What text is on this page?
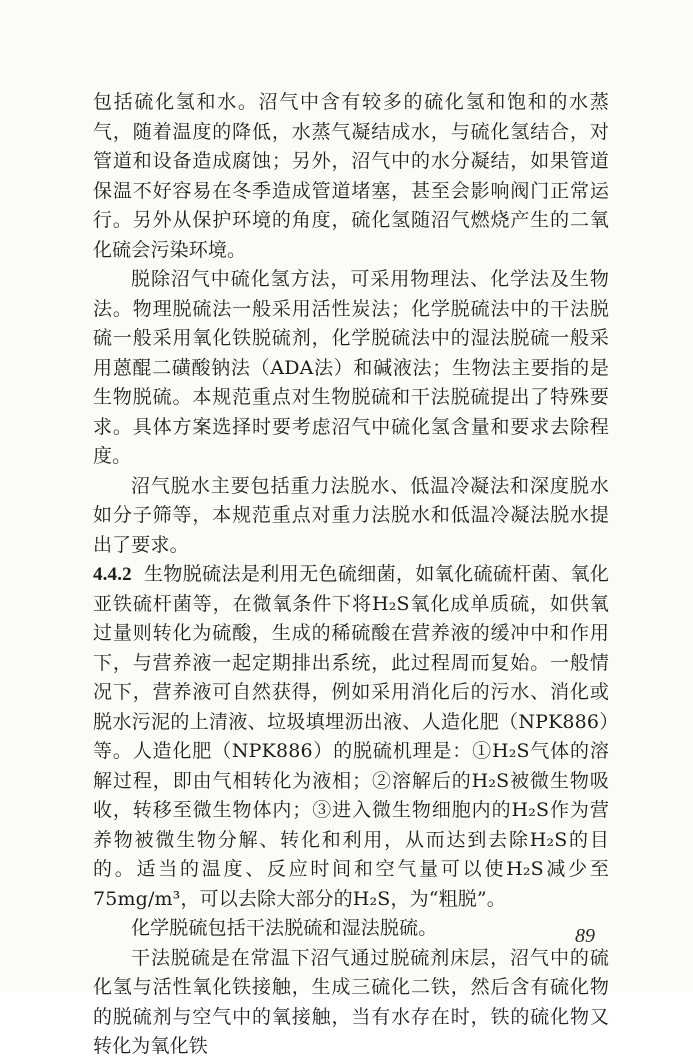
包括硫化氢和水。沼气中含有较多的硫化氢和饱和的水蒸气，随着温度的降低，水蒸气凝结成水，与硫化氢结合，对管道和设备造成腐蚀；另外，沼气中的水分凝结，如果管道保温不好容易在冬季造成管道堵塞，甚至会影响阀门正常运行。另外从保护环境的角度，硫化氢随沼气燃烧产生的二氧化硫会污染环境。

脱除沼气中硫化氢方法，可采用物理法、化学法及生物法。物理脱硫法一般采用活性炭法；化学脱硫法中的干法脱硫一般采用氧化铁脱硫剂，化学脱硫法中的湿法脱硫一般采用蒽醌二磺酸钠法（ADA法）和碱液法；生物法主要指的是生物脱硫。本规范重点对生物脱硫和干法脱硫提出了特殊要求。具体方案选择时要考虑沼气中硫化氢含量和要求去除程度。

沼气脱水主要包括重力法脱水、低温冷凝法和深度脱水如分子筛等，本规范重点对重力法脱水和低温冷凝法脱水提出了要求。

4.4.2 生物脱硫法是利用无色硫细菌，如氧化硫硫杆菌、氧化亚铁硫杆菌等，在微氧条件下将H₂S氧化成单质硫，如供氧过量则转化为硫酸，生成的稀硫酸在营养液的缓冲中和作用下，与营养液一起定期排出系统，此过程周而复始。一般情况下，营养液可自然获得，例如采用消化后的污水、消化或脱水污泥的上清液、垃圾填埋沥出液、人造化肥（NPK886）等。人造化肥（NPK886）的脱硫机理是：①H₂S气体的溶解过程，即由气相转化为液相；②溶解后的H₂S被微生物吸收，转移至微生物体内；③进入微生物细胞内的H₂S作为营养物被微生物分解、转化和利用，从而达到去除H₂S的目的。适当的温度、反应时间和空气量可以使H₂S减少至75mg/m³，可以去除大部分的H₂S，为“粗脱”。

化学脱硫包括干法脱硫和湿法脱硫。

干法脱硫是在常温下沼气通过脱硫剂床层，沼气中的硫化氢与活性氧化铁接触，生成三硫化二铁，然后含有硫化物的脱硫剂与空气中的氧接触，当有水存在时，铁的硫化物又转化为氧化铁

89
